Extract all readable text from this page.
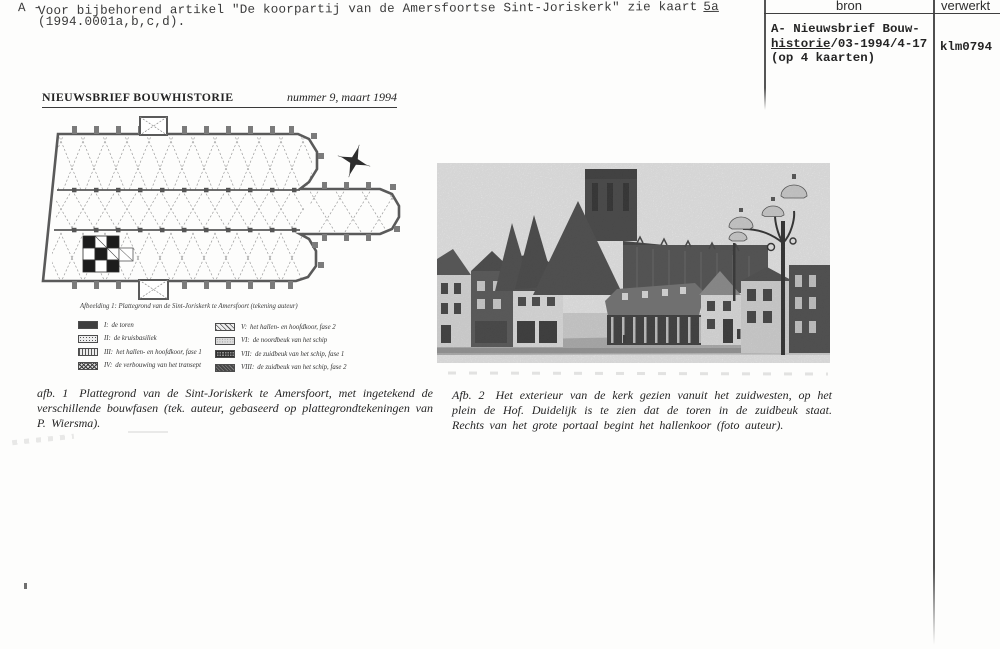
A -
Voor bijbehorend artikel "De koorpartij van de Amersfoortse Sint-Joriskerk" zie kaart 5a
(1994.0001a,b,c,d).
bron	verwerkt
A- Nieuwsbrief Bouw-
historie/03-1994/4-17
(op 4 kaarten)
klm0794
NIEUWSBRIEF BOUWHISTORIE	nummer 9, maart 1994
Afbeelding 1: Plattegrond van de Sint-Joriskerk te Amersfoort (tekening auteur)
I: de toren
II: de kruisbasiliek
III: het hallen- en hoofdkoor, fase 1
IV: de verbouwing van het transept
V: het hallen- en hoofdkoor, fase 2
VI: de noordbeuk van het schip
VII: de zuidbeuk van het schip, fase 1
VIII: de zuidbeuk van het schip, fase 2
afb. 1 Plattegrond van de Sint-Joriskerk te Amersfoort, met ingetekend de verschillende bouwfasen (tek. auteur, gebaseerd op plattegrondtekeningen van P. Wiersma).
Afb. 2 Het exterieur van de kerk gezien vanuit het zuidwesten, op het plein de Hof. Duidelijk is te zien dat de toren in de zuidbeuk staat. Rechts van het grote portaal begint het hallenkoor (foto auteur).
